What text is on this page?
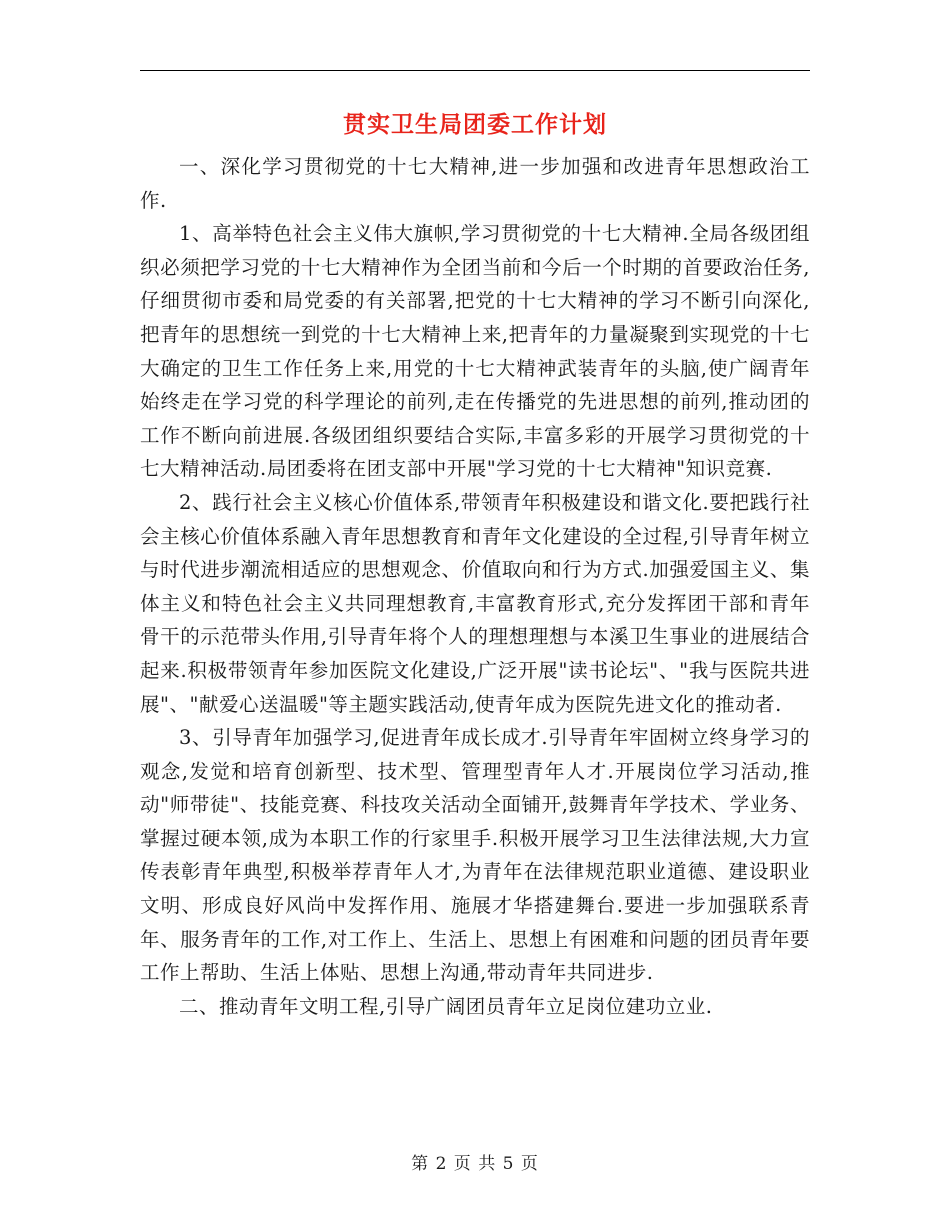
贯实卫生局团委工作计划

一、深化学习贯彻党的十七大精神,进一步加强和改进青年思想政治工作.

1、高举特色社会主义伟大旗帜,学习贯彻党的十七大精神.全局各级团组织必须把学习党的十七大精神作为全团当前和今后一个时期的首要政治任务,仔细贯彻市委和局党委的有关部署,把党的十七大精神的学习不断引向深化,把青年的思想统一到党的十七大精神上来,把青年的力量凝聚到实现党的十七大确定的卫生工作任务上来,用党的十七大精神武装青年的头脑,使广阔青年始终走在学习党的科学理论的前列,走在传播党的先进思想的前列,推动团的工作不断向前进展.各级团组织要结合实际,丰富多彩的开展学习贯彻党的十七大精神活动.局团委将在团支部中开展"学习党的十七大精神"知识竞赛.

2、践行社会主义核心价值体系,带领青年积极建设和谐文化.要把践行社会主核心价值体系融入青年思想教育和青年文化建设的全过程,引导青年树立与时代进步潮流相适应的思想观念、价值取向和行为方式.加强爱国主义、集体主义和特色社会主义共同理想教育,丰富教育形式,充分发挥团干部和青年骨干的示范带头作用,引导青年将个人的理想理想与本溪卫生事业的进展结合起来.积极带领青年参加医院文化建设,广泛开展"读书论坛"、"我与医院共进展"、"献爱心送温暖"等主题实践活动,使青年成为医院先进文化的推动者.

3、引导青年加强学习,促进青年成长成才.引导青年牢固树立终身学习的观念,发觉和培育创新型、技术型、管理型青年人才.开展岗位学习活动,推动"师带徒"、技能竞赛、科技攻关活动全面铺开,鼓舞青年学技术、学业务、掌握过硬本领,成为本职工作的行家里手.积极开展学习卫生法律法规,大力宣传表彰青年典型,积极举荐青年人才,为青年在法律规范职业道德、建设职业文明、形成良好风尚中发挥作用、施展才华搭建舞台.要进一步加强联系青年、服务青年的工作,对工作上、生活上、思想上有困难和问题的团员青年要工作上帮助、生活上体贴、思想上沟通,带动青年共同进步.

二、推动青年文明工程,引导广阔团员青年立足岗位建功立业.

第 2 页 共 5 页
